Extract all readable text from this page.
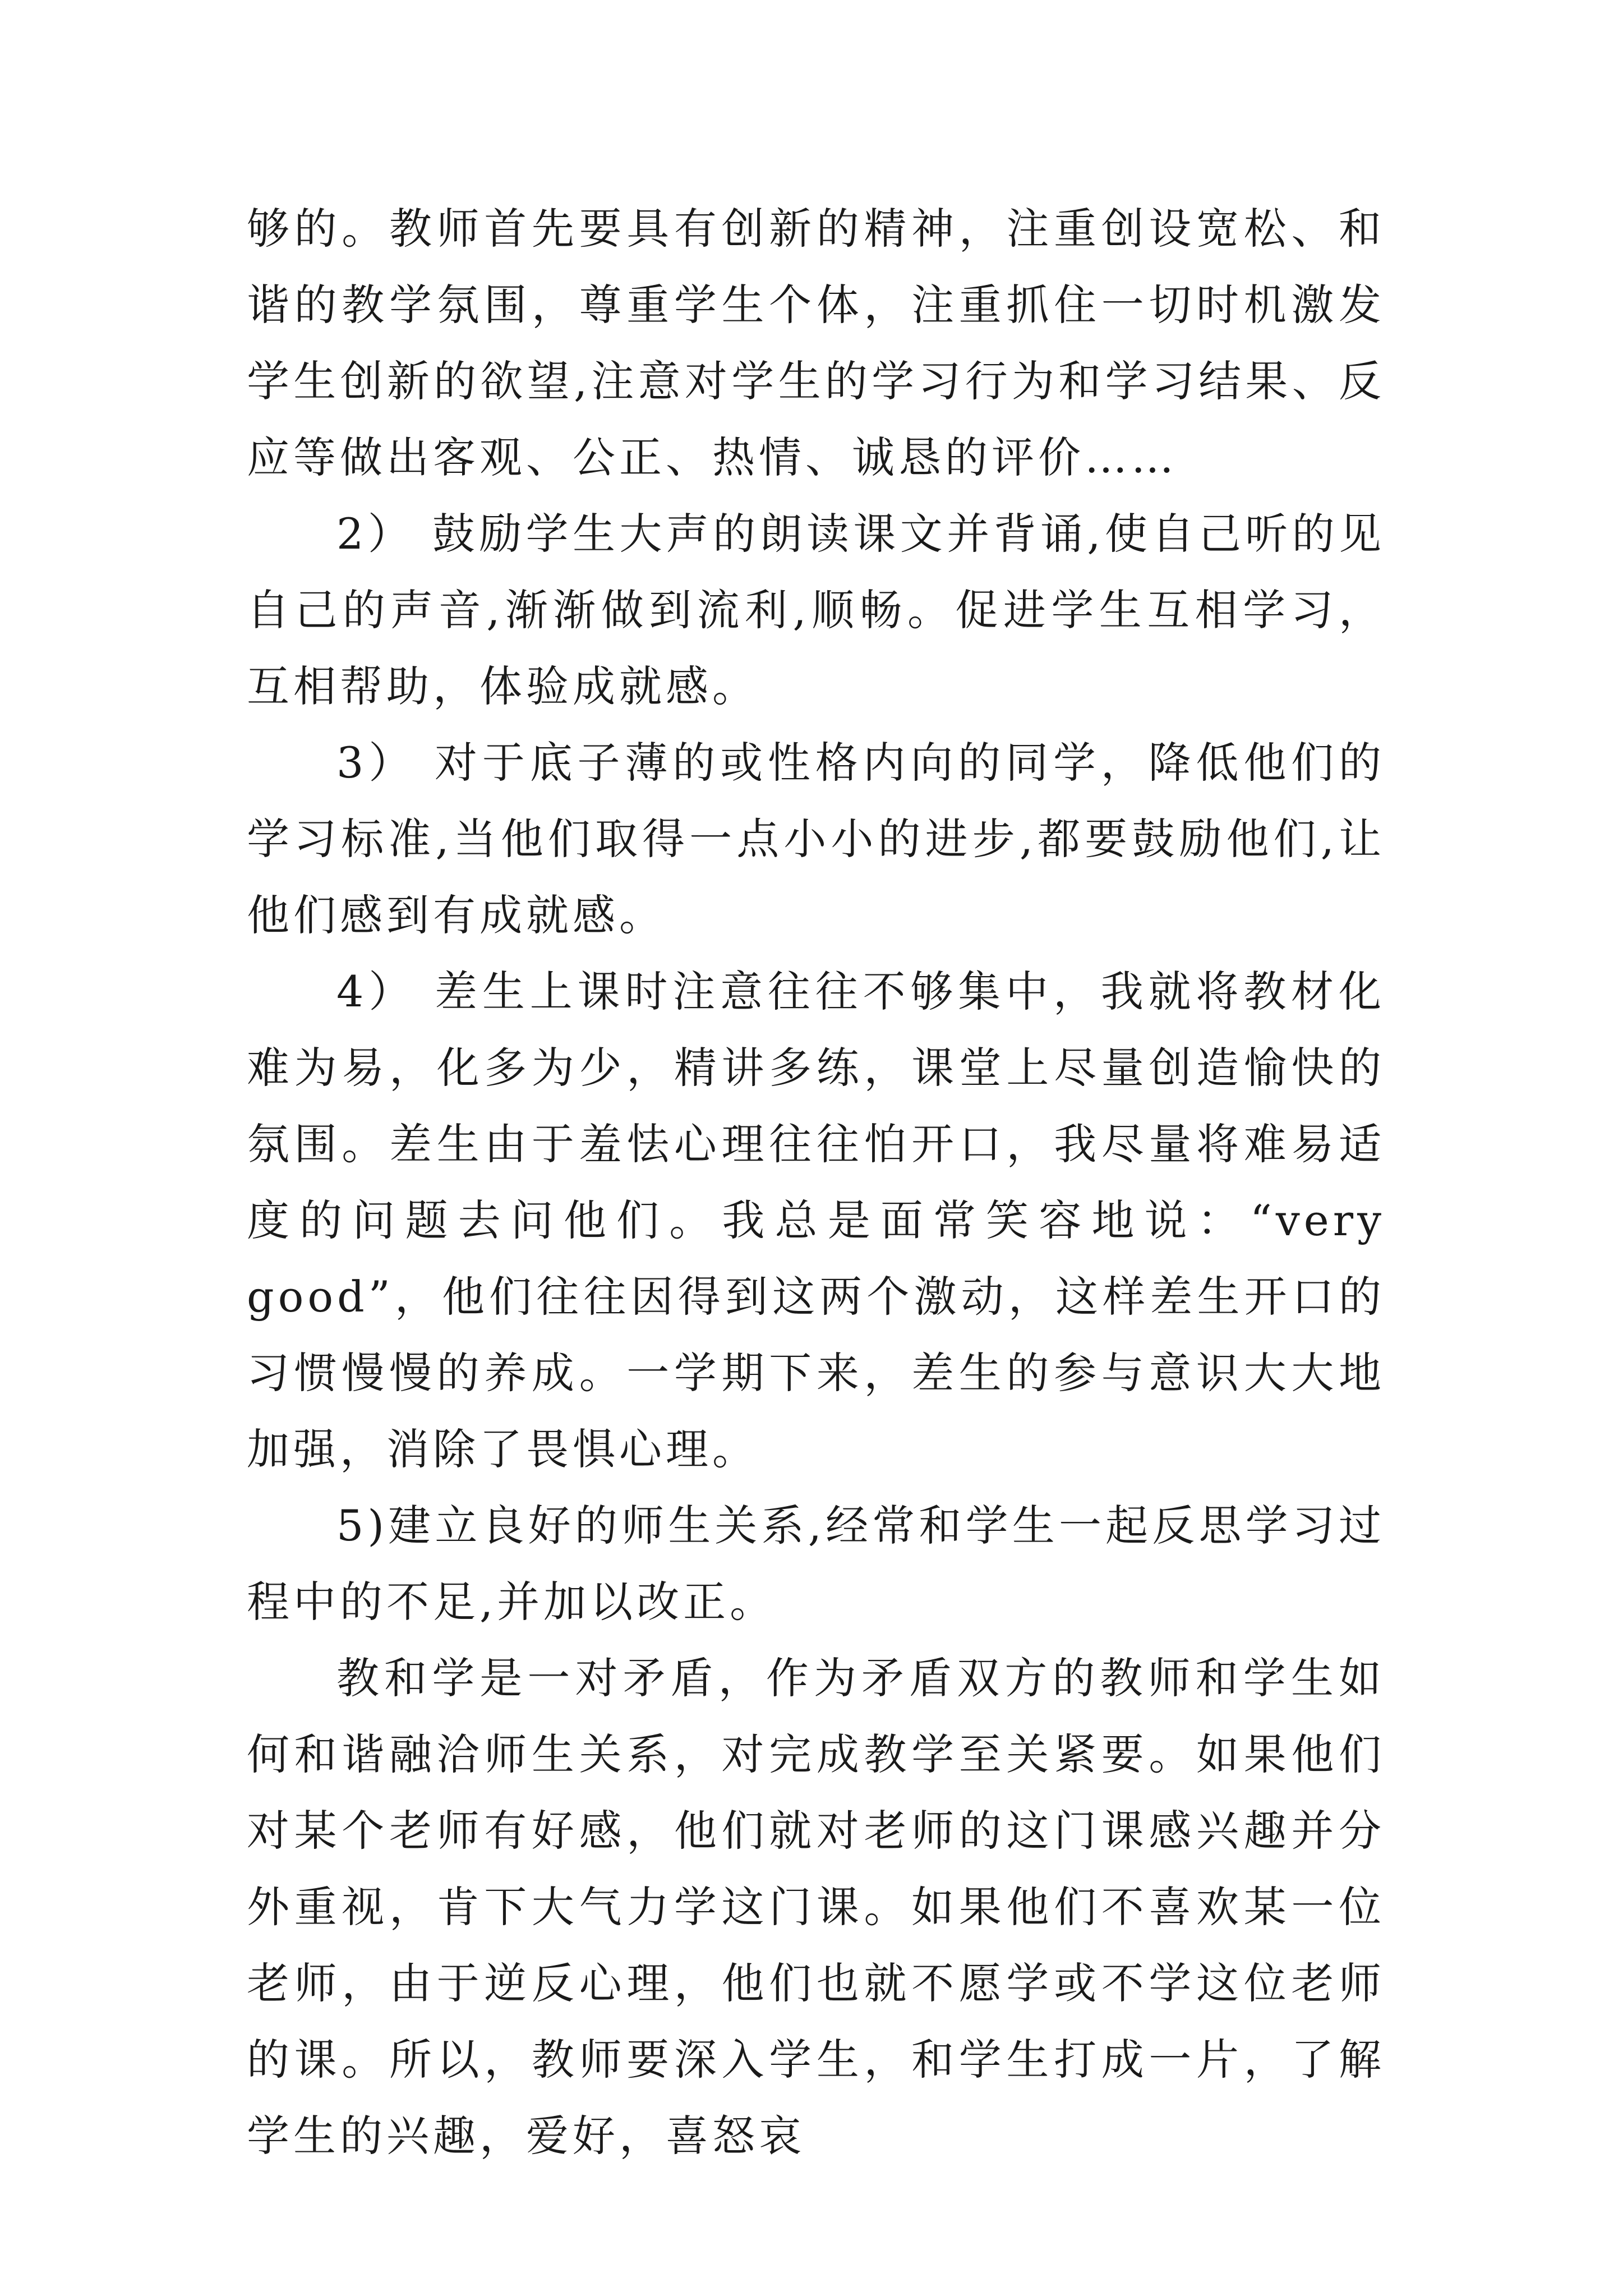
够的。教师首先要具有创新的精神，注重创设宽松、和谐的教学氛围，尊重学生个体，注重抓住一切时机激发学生创新的欲望,注意对学生的学习行为和学习结果、反应等做出客观、公正、热情、诚恳的评价……

2） 鼓励学生大声的朗读课文并背诵,使自己听的见自己的声音,渐渐做到流利,顺畅。促进学生互相学习，互相帮助，体验成就感。

3） 对于底子薄的或性格内向的同学，降低他们的学习标准,当他们取得一点小小的进步,都要鼓励他们,让他们感到有成就感。

4） 差生上课时注意往往不够集中，我就将教材化难为易，化多为少，精讲多练，课堂上尽量创造愉快的氛围。差生由于羞怯心理往往怕开口，我尽量将难易适度的问题去问他们。我总是面常笑容地说：“very good”，他们往往因得到这两个激动，这样差生开口的习惯慢慢的养成。一学期下来，差生的参与意识大大地加强，消除了畏惧心理。

5)建立良好的师生关系,经常和学生一起反思学习过程中的不足,并加以改正。

教和学是一对矛盾，作为矛盾双方的教师和学生如何和谐融洽师生关系，对完成教学至关紧要。如果他们对某个老师有好感，他们就对老师的这门课感兴趣并分外重视，肯下大气力学这门课。如果他们不喜欢某一位老师，由于逆反心理，他们也就不愿学或不学这位老师的课。所以，教师要深入学生，和学生打成一片，了解学生的兴趣，爱好，喜怒哀
